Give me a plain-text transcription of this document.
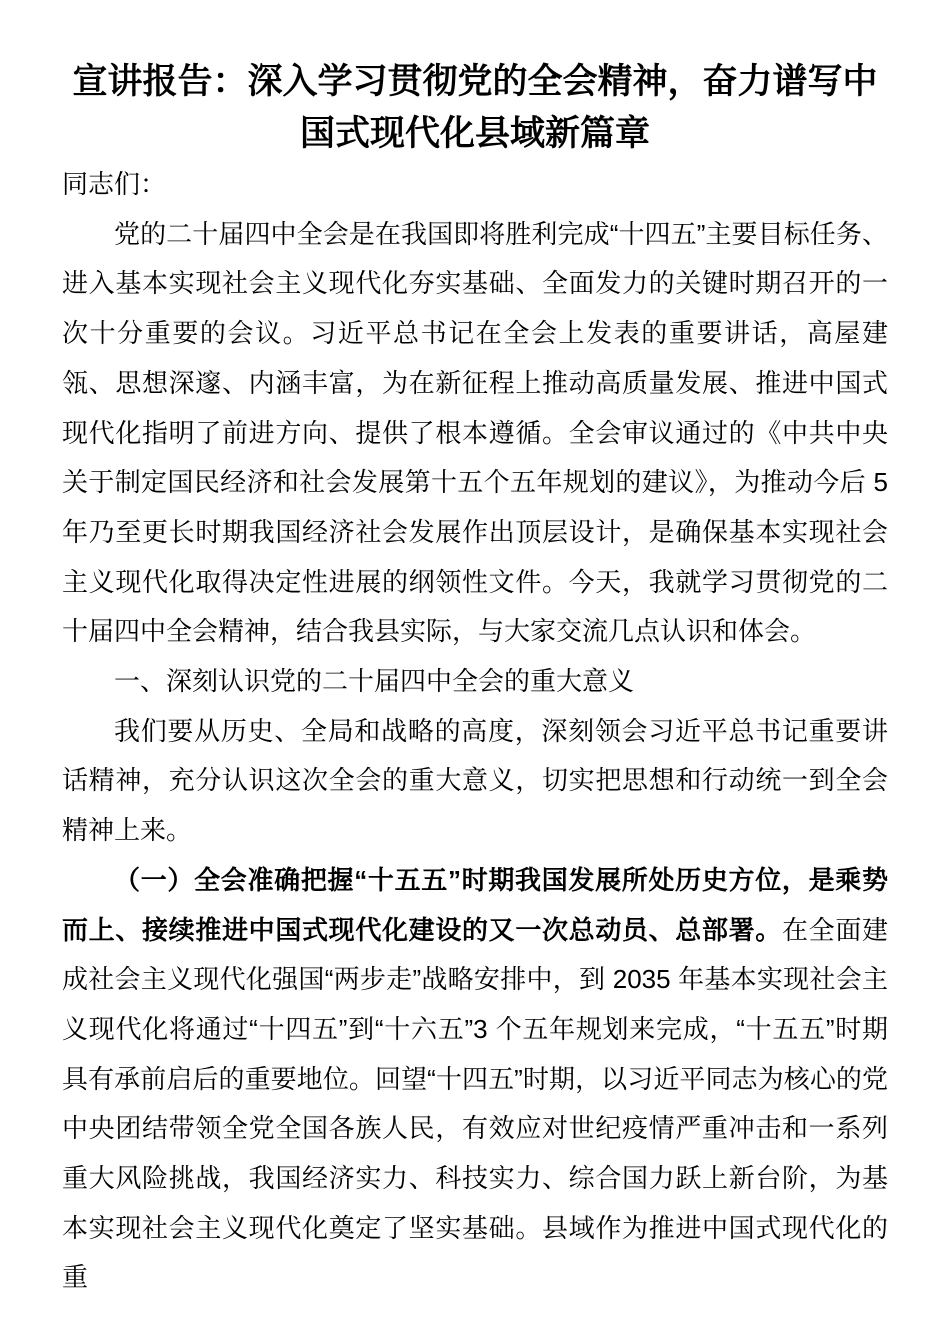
宣讲报告：深入学习贯彻党的全会精神，奋力谱写中
国式现代化县域新篇章

同志们：

党的二十届四中全会是在我国即将胜利完成“十四五”主要目标任务、进入基本实现社会主义现代化夯实基础、全面发力的关键时期召开的一次十分重要的会议。习近平总书记在全会上发表的重要讲话，高屋建瓴、思想深邃、内涵丰富，为在新征程上推动高质量发展、推进中国式现代化指明了前进方向、提供了根本遵循。全会审议通过的《中共中央关于制定国民经济和社会发展第十五个五年规划的建议》，为推动今后 5 年乃至更长时期我国经济社会发展作出顶层设计，是确保基本实现社会主义现代化取得决定性进展的纲领性文件。今天，我就学习贯彻党的二十届四中全会精神，结合我县实际，与大家交流几点认识和体会。

一、深刻认识党的二十届四中全会的重大意义

我们要从历史、全局和战略的高度，深刻领会习近平总书记重要讲话精神，充分认识这次全会的重大意义，切实把思想和行动统一到全会精神上来。

（一）全会准确把握“十五五”时期我国发展所处历史方位，是乘势而上、接续推进中国式现代化建设的又一次总动员、总部署。在全面建成社会主义现代化强国“两步走”战略安排中，到 2035 年基本实现社会主义现代化将通过“十四五”到“十六五”3 个五年规划来完成，“十五五”时期具有承前启后的重要地位。回望“十四五”时期，以习近平同志为核心的党中央团结带领全党全国各族人民，有效应对世纪疫情严重冲击和一系列重大风险挑战，我国经济实力、科技实力、综合国力跃上新台阶，为基本实现社会主义现代化奠定了坚实基础。县域作为推进中国式现代化的重
